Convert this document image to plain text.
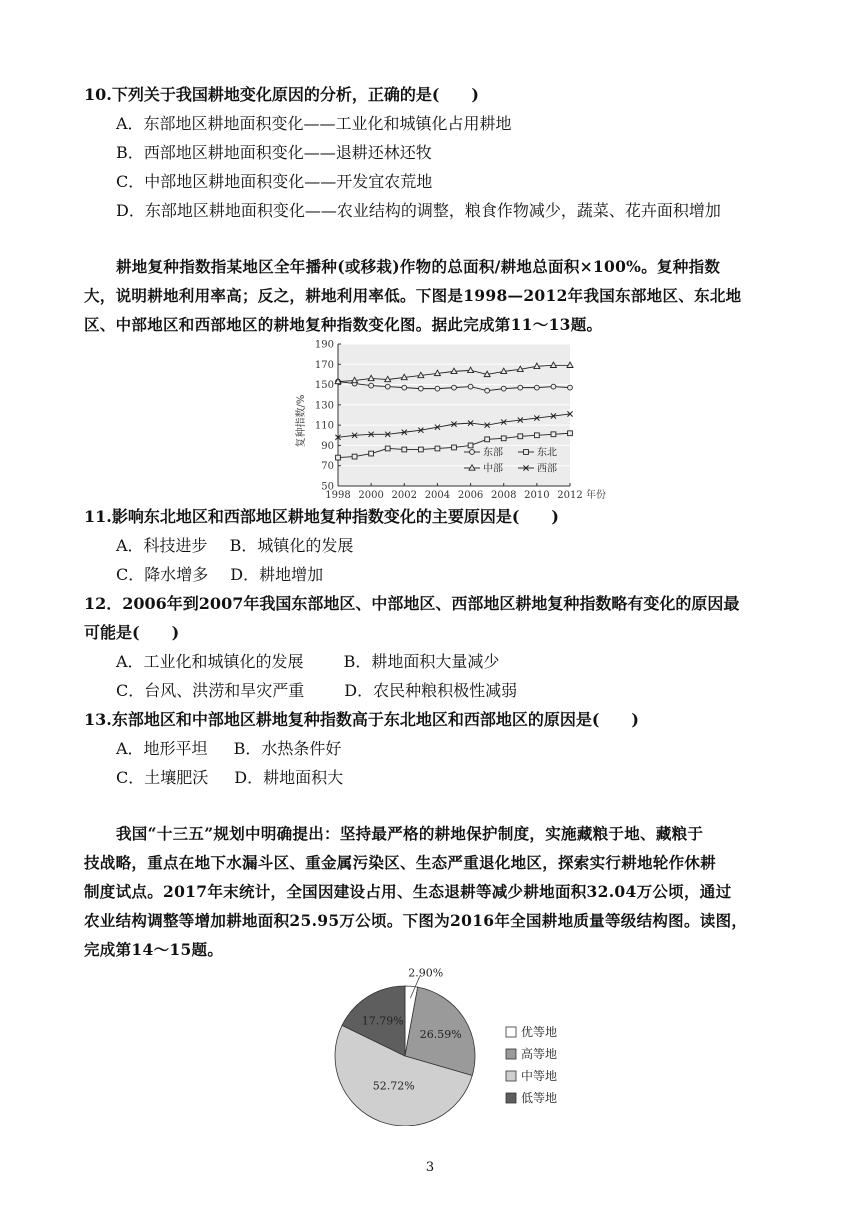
10.下列关于我国耕地变化原因的分析，正确的是(　　)
A．东部地区耕地面积变化——工业化和城镇化占用耕地
B．西部地区耕地面积变化——退耕还林还牧
C．中部地区耕地面积变化——开发宜农荒地
D．东部地区耕地面积变化——农业结构的调整，粮食作物减少，蔬菜、花卉面积增加
耕地复种指数指某地区全年播种(或移栽)作物的总面积/耕地总面积×100%。复种指数
大，说明耕地利用率高；反之，耕地利用率低。下图是1998—2012年我国东部地区、东北地
区、中部地区和西部地区的耕地复种指数变化图。据此完成第11～13题。
50
70
90
110
130
150
170
190
1998 2000 2002 2004 2006 2008 2010 2012 年份
东部	东北
中部	西部
复种指数/%
11.影响东北地区和西部地区耕地复种指数变化的主要原因是(　　)
A．科技进步 B．城镇化的发展
C．降水增多 D．耕地增加
12．2006年到2007年我国东部地区、中部地区、西部地区耕地复种指数略有变化的原因最
可能是(　　)
A．工业化和城镇化的发展	B．耕地面积大量减少
C．台风、洪涝和旱灾严重	D．农民种粮积极性减弱
13.东部地区和中部地区耕地复种指数高于东北地区和西部地区的原因是(　　)
A．地形平坦 B．水热条件好
C．土壤肥沃 D．耕地面积大
我国“十三五”规划中明确提出：坚持最严格的耕地保护制度，实施藏粮于地、藏粮于
技战略，重点在地下水漏斗区、重金属污染区、生态严重退化地区，探索实行耕地轮作休耕
制度试点。2017年末统计，全国因建设占用、生态退耕等减少耕地面积32.04万公顷，通过
农业结构调整等增加耕地面积25.95万公顷。下图为2016年全国耕地质量等级结构图。读图，
完成第14～15题。
2.90%
26.59%
52.72%
17.79%
优等地
高等地
中等地
低等地
3
